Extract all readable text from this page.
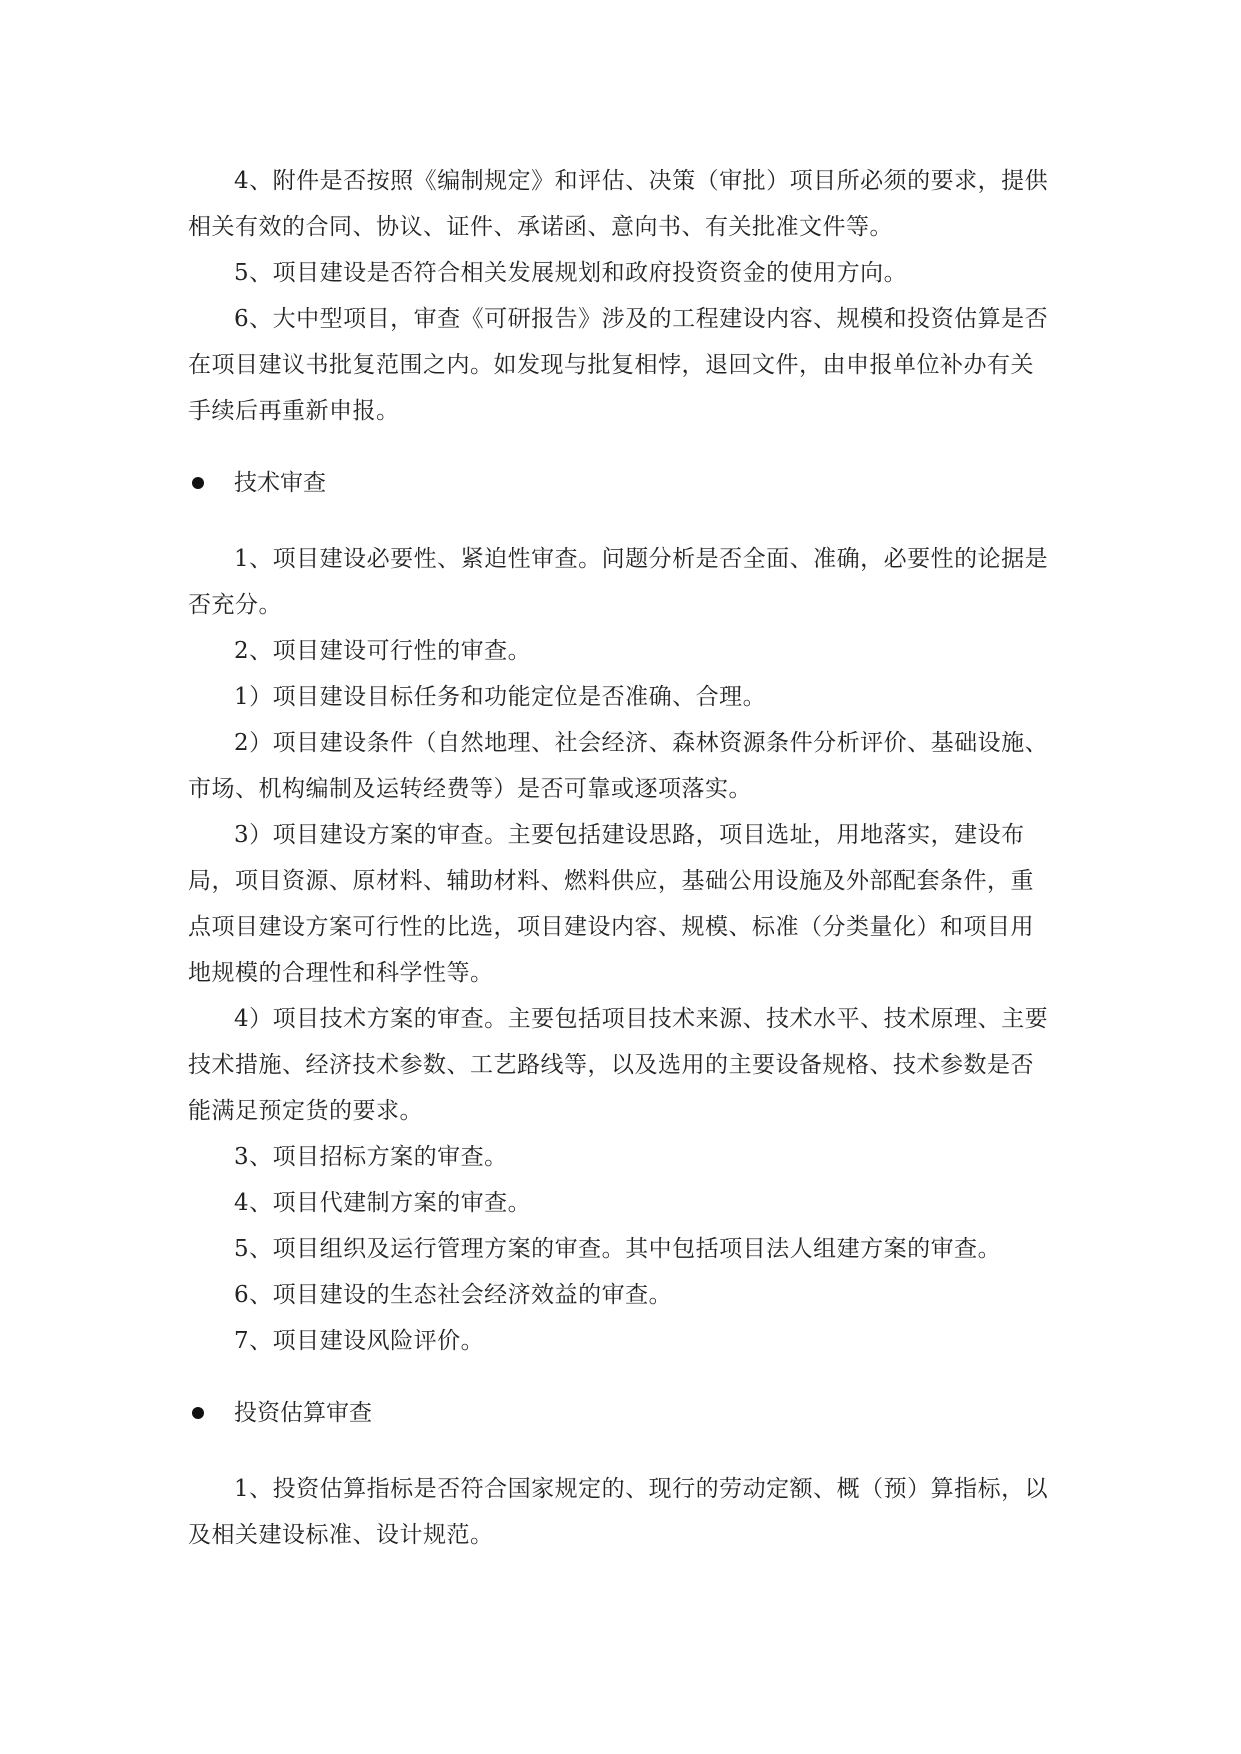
4、附件是否按照《编制规定》和评估、决策（审批）项目所必须的要求，提供相关有效的合同、协议、证件、承诺函、意向书、有关批准文件等。

5、项目建设是否符合相关发展规划和政府投资资金的使用方向。

6、大中型项目，审查《可研报告》涉及的工程建设内容、规模和投资估算是否在项目建议书批复范围之内。如发现与批复相悖，退回文件，由申报单位补办有关手续后再重新申报。

技术审查

1、项目建设必要性、紧迫性审查。问题分析是否全面、准确，必要性的论据是否充分。

2、项目建设可行性的审查。

1）项目建设目标任务和功能定位是否准确、合理。

2）项目建设条件（自然地理、社会经济、森林资源条件分析评价、基础设施、市场、机构编制及运转经费等）是否可靠或逐项落实。

3）项目建设方案的审查。主要包括建设思路，项目选址，用地落实，建设布局，项目资源、原材料、辅助材料、燃料供应，基础公用设施及外部配套条件，重点项目建设方案可行性的比选，项目建设内容、规模、标准（分类量化）和项目用地规模的合理性和科学性等。

4）项目技术方案的审查。主要包括项目技术来源、技术水平、技术原理、主要技术措施、经济技术参数、工艺路线等，以及选用的主要设备规格、技术参数是否能满足预定货的要求。

3、项目招标方案的审查。

4、项目代建制方案的审查。

5、项目组织及运行管理方案的审查。其中包括项目法人组建方案的审查。

6、项目建设的生态社会经济效益的审查。

7、项目建设风险评价。

投资估算审查

1、投资估算指标是否符合国家规定的、现行的劳动定额、概（预）算指标，以及相关建设标准、设计规范。
